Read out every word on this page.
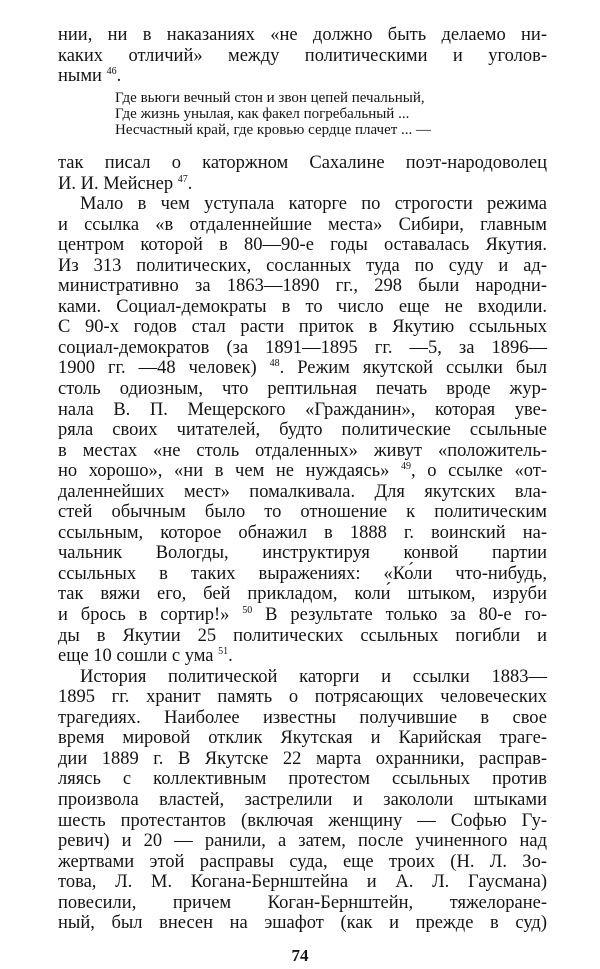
нии, ни в наказаниях «не должно быть делаемо ни-
каких отличий» между политическими и уголов-
ными $^{46}$.
Где вьюги вечный стон и звон цепей печальный,
Где жизнь унылая, как факел погребальный ...
Несчастный край, где кровью сердце плачет ... —
так писал о каторжном Сахалине поэт-народоволец
И. И. Мейснер $^{47}$.
Мало в чем уступала каторге по строгости режима
и ссылка «в отдаленнейшие места» Сибири, главным
центром которой в 80—90-е годы оставалась Якутия.
Из 313 политических, сосланных туда по суду и ад-
министративно за 1863—1890 гг., 298 были народни-
ками. Социал-демократы в то число еще не входили.
С 90-х годов стал расти приток в Якутию ссыльных
социал-демократов (за 1891—1895 гг. —5, за 1896—
1900 гг. —48 человек) $^{48}$. Режим якутской ссылки был
столь одиозным, что рептильная печать вроде жур-
нала В. П. Мещерского «Гражданин», которая уве-
ряла своих читателей, будто политические ссыльные
в местах «не столь отдаленных» живут «положитель-
но хорошо», «ни в чем не нуждаясь» $^{49}$, о ссылке «от-
даленнейших мест» помалкивала. Для якутских вла-
стей обычным было то отношение к политическим
ссыльным, которое обнажил в 1888 г. воинский на-
чальник Вологды, инструктируя конвой партии
ссыльных в таких выражениях: «Ко́ли что-нибудь,
так вяжи его, бей прикладом, коли́ штыком, изруби
и брось в сортир!» $^{50}$ В результате только за 80-е го-
ды в Якутии 25 политических ссыльных погибли и
еще 10 сошли с ума $^{51}$.
История политической каторги и ссылки 1883—
1895 гг. хранит память о потрясающих человеческих
трагедиях. Наиболее известны получившие в свое
время мировой отклик Якутская и Карийская траге-
дии 1889 г. В Якутске 22 марта охранники, расправ-
ляясь с коллективным протестом ссыльных против
произвола властей, застрелили и закололи штыками
шесть протестантов (включая женщину — Софью Гу-
ревич) и 20 — ранили, а затем, после учиненного над
жертвами этой расправы суда, еще троих (Н. Л. Зо-
това, Л. М. Когана-Бернштейна и А. Л. Гаусмана)
повесили, причем Коган-Бернштейн, тяжелоране-
ный, был внесен на эшафот (как и прежде в суд)
74
